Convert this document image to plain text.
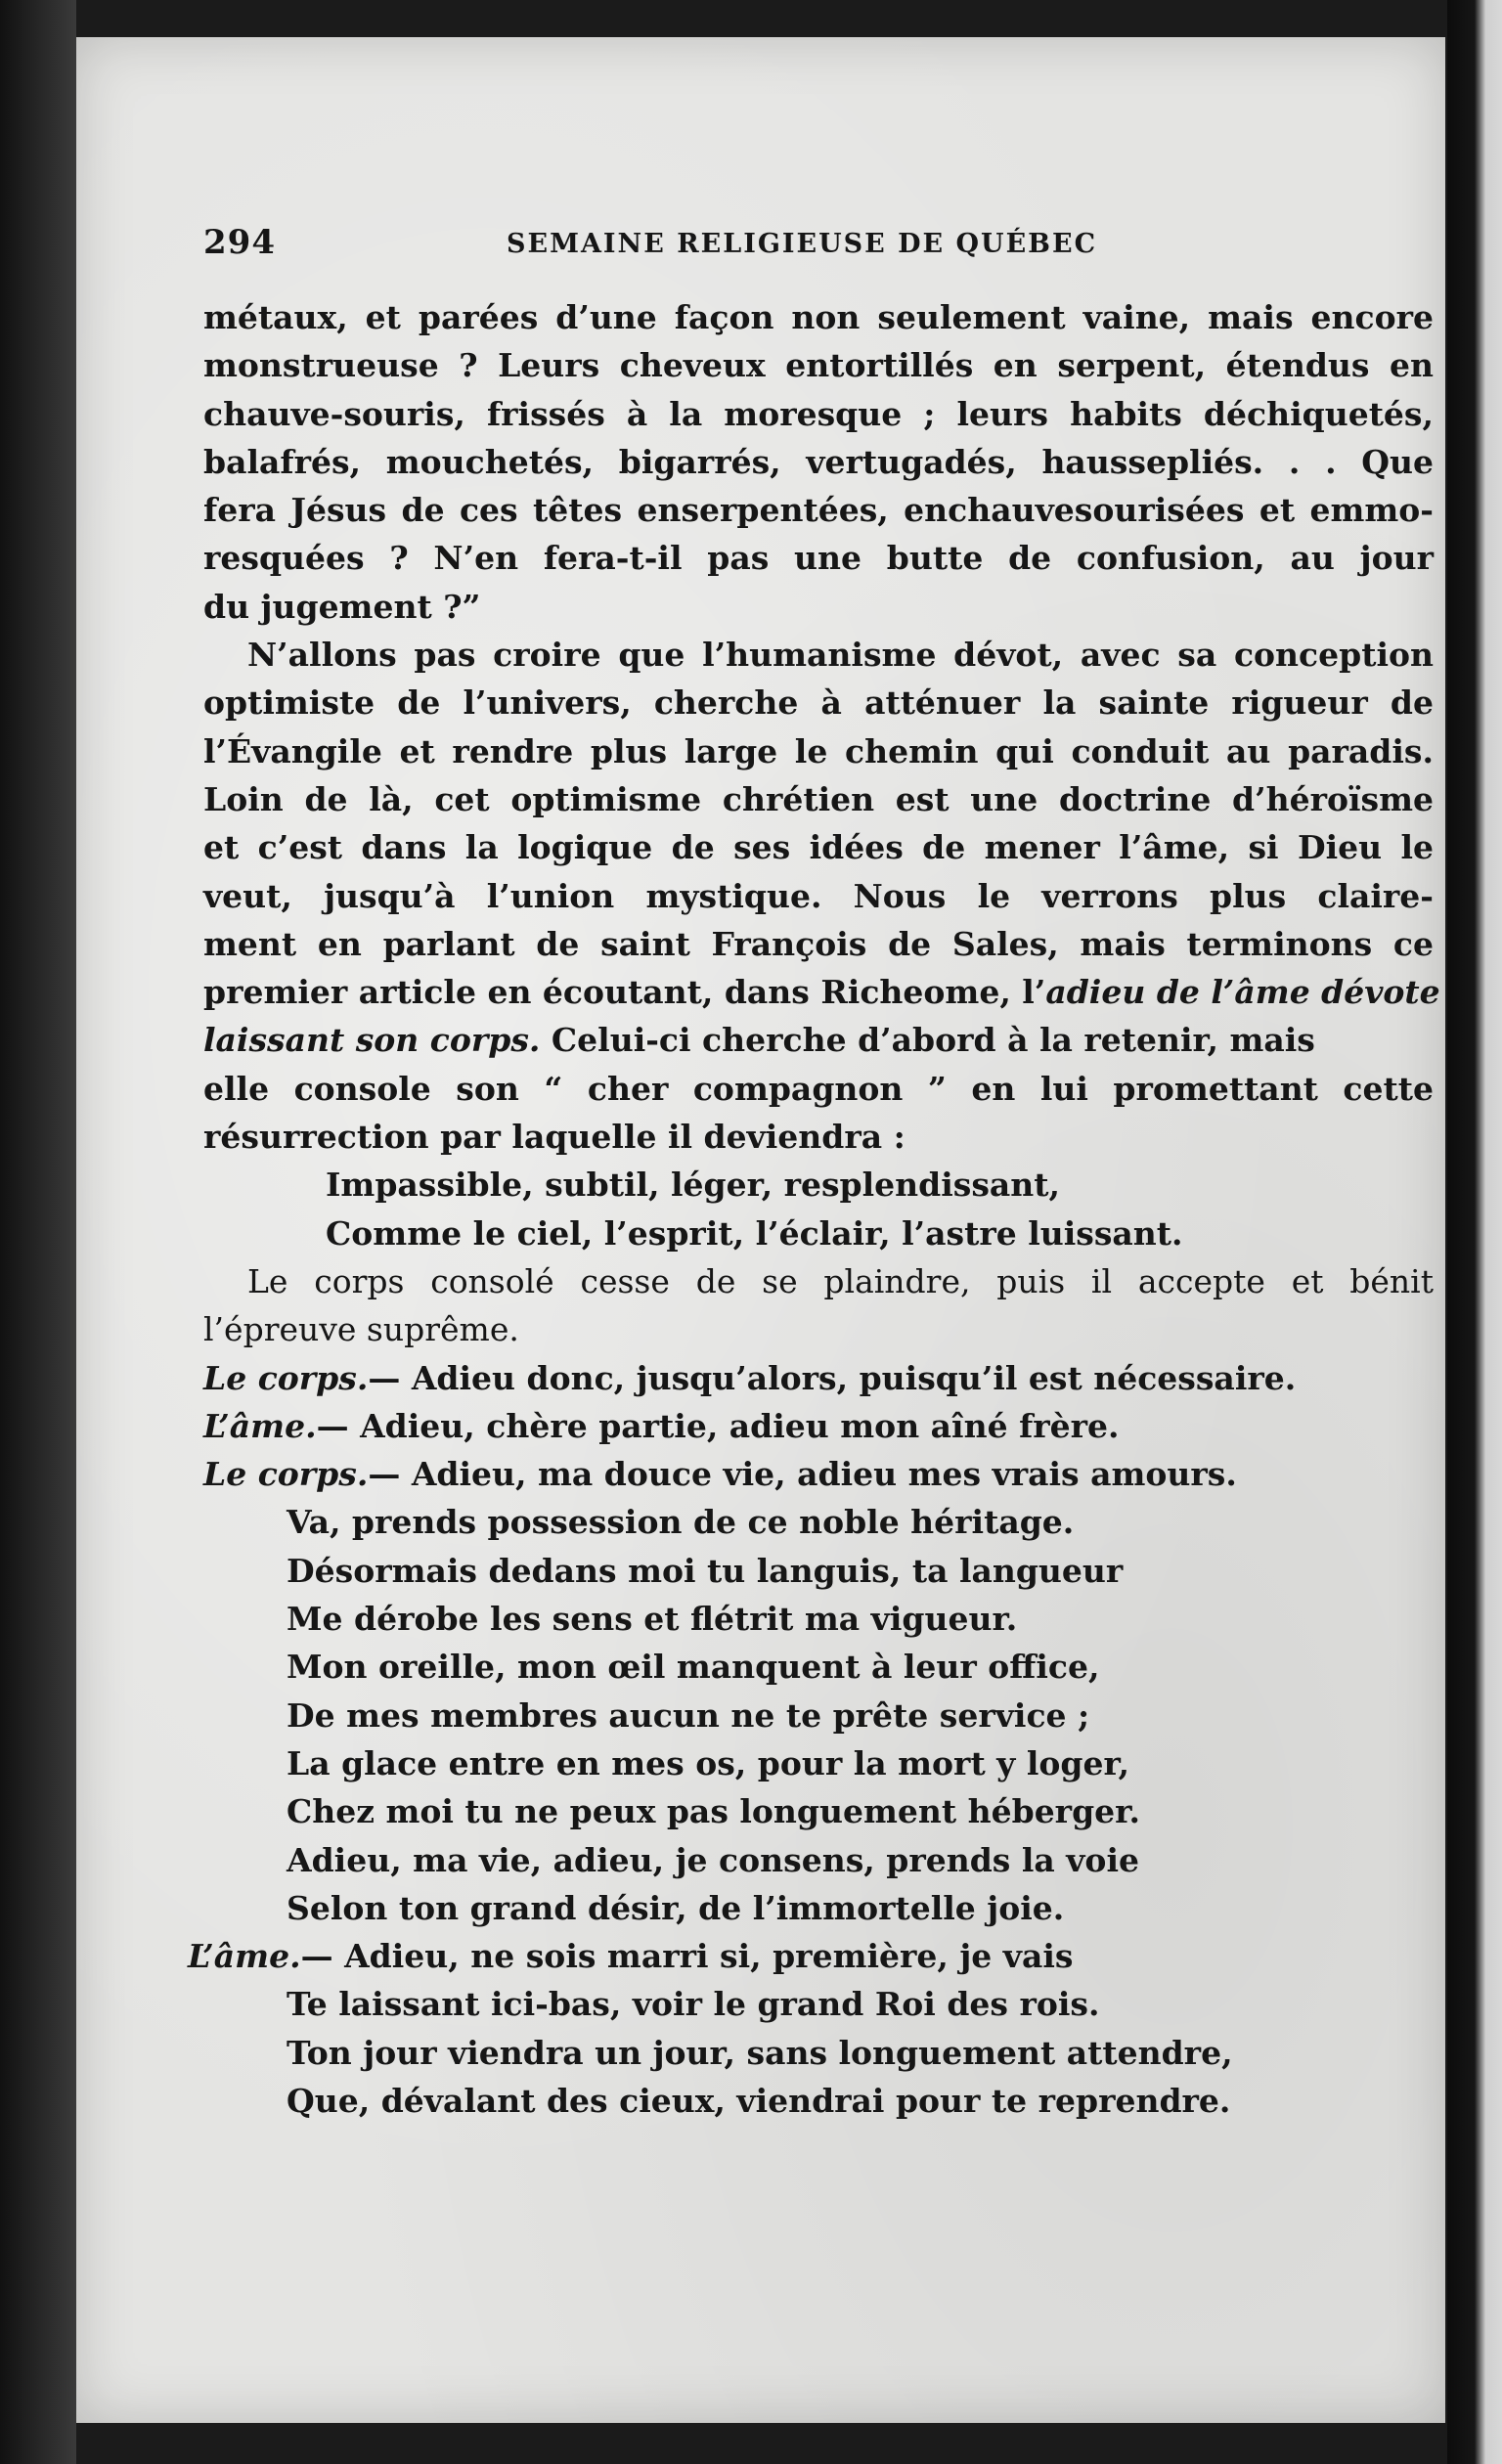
294	SEMAINE RELIGIEUSE DE QUÉBEC
métaux, et parées d’une façon non seulement vaine, mais encore
monstrueuse ? Leurs cheveux entortillés en serpent, étendus en
chauve-souris, frissés à la moresque ; leurs habits déchiquetés,
balafrés, mouchetés, bigarrés, vertugadés, haussepliés. . . Que
fera Jésus de ces têtes enserpentées, enchauvesourisées et emmo-
resquées ? N’en fera-t-il pas une butte de confusion, au jour
du jugement ?”
N’allons pas croire que l’humanisme dévot, avec sa conception
optimiste de l’univers, cherche à atténuer la sainte rigueur de
l’Évangile et rendre plus large le chemin qui conduit au paradis.
Loin de là, cet optimisme chrétien est une doctrine d’héroïsme
et c’est dans la logique de ses idées de mener l’âme, si Dieu le
veut, jusqu’à l’union mystique. Nous le verrons plus claire-
ment en parlant de saint François de Sales, mais terminons ce
premier article en écoutant, dans Richeome, l’adieu de l’âme dévote
laissant son corps. Celui-ci cherche d’abord à la retenir, mais
elle console son “ cher compagnon ” en lui promettant cette
résurrection par laquelle il deviendra :
Impassible, subtil, léger, resplendissant,
Comme le ciel, l’esprit, l’éclair, l’astre luissant.
Le corps consolé cesse de se plaindre, puis il accepte et bénit
l’épreuve suprême.
Le corps.— Adieu donc, jusqu’alors, puisqu’il est nécessaire.
L’âme.— Adieu, chère partie, adieu mon aîné frère.
Le corps.— Adieu, ma douce vie, adieu mes vrais amours.
Va, prends possession de ce noble héritage.
Désormais dedans moi tu languis, ta langueur
Me dérobe les sens et flétrit ma vigueur.
Mon oreille, mon œil manquent à leur office,
De mes membres aucun ne te prête service ;
La glace entre en mes os, pour la mort y loger,
Chez moi tu ne peux pas longuement héberger.
Adieu, ma vie, adieu, je consens, prends la voie
Selon ton grand désir, de l’immortelle joie.
L’âme.— Adieu, ne sois marri si, première, je vais
Te laissant ici-bas, voir le grand Roi des rois.
Ton jour viendra un jour, sans longuement attendre,
Que, dévalant des cieux, viendrai pour te reprendre.
